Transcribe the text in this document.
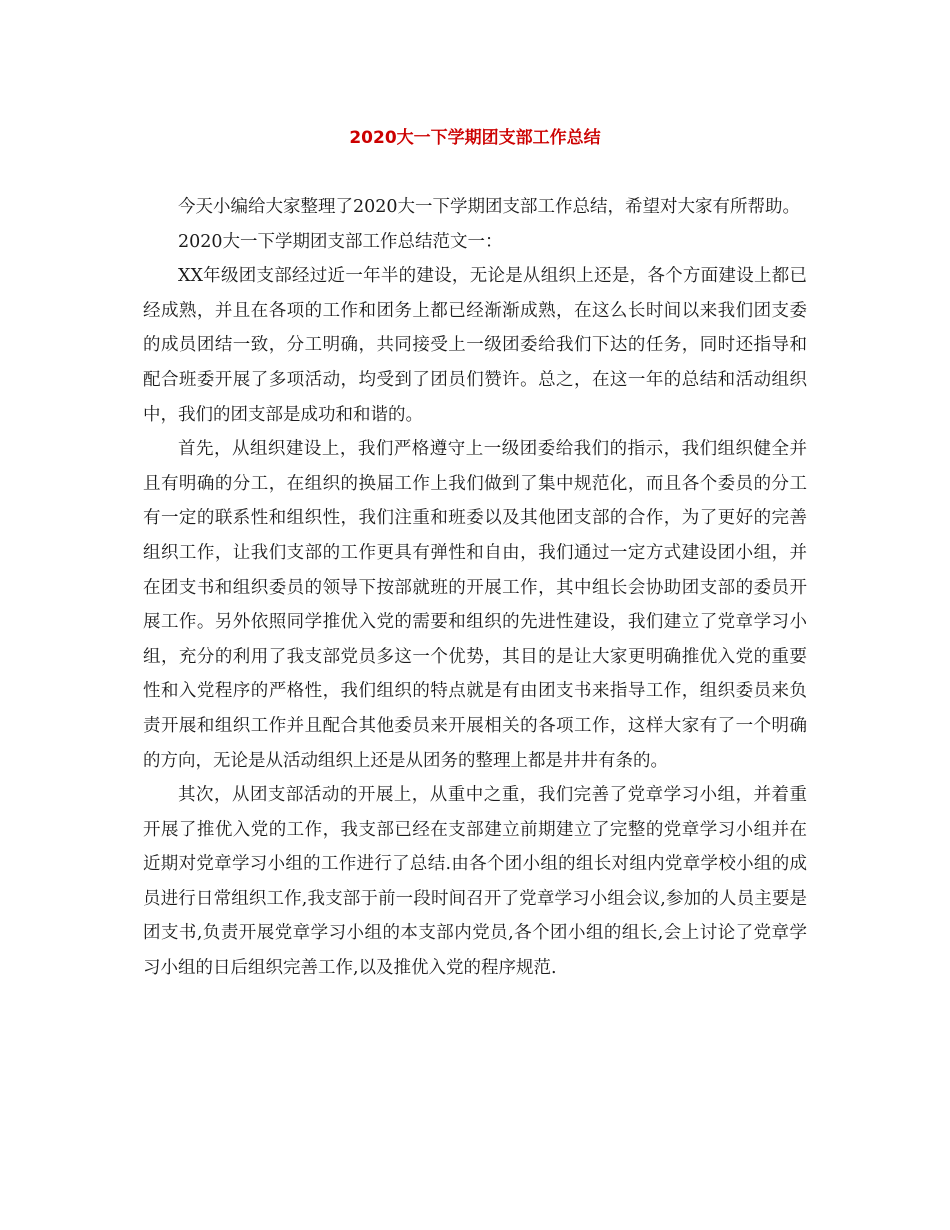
2020大一下学期团支部工作总结

今天小编给大家整理了2020大一下学期团支部工作总结，希望对大家有所帮助。

2020大一下学期团支部工作总结范文一：

XX年级团支部经过近一年半的建设，无论是从组织上还是，各个方面建设上都已经成熟，并且在各项的工作和团务上都已经渐渐成熟，在这么长时间以来我们团支委的成员团结一致，分工明确，共同接受上一级团委给我们下达的任务，同时还指导和配合班委开展了多项活动，均受到了团员们赞许。总之，在这一年的总结和活动组织中，我们的团支部是成功和和谐的。

首先，从组织建设上，我们严格遵守上一级团委给我们的指示，我们组织健全并且有明确的分工，在组织的换届工作上我们做到了集中规范化，而且各个委员的分工有一定的联系性和组织性，我们注重和班委以及其他团支部的合作，为了更好的完善组织工作，让我们支部的工作更具有弹性和自由，我们通过一定方式建设团小组，并在团支书和组织委员的领导下按部就班的开展工作，其中组长会协助团支部的委员开展工作。另外依照同学推优入党的需要和组织的先进性建设，我们建立了党章学习小组，充分的利用了我支部党员多这一个优势，其目的是让大家更明确推优入党的重要性和入党程序的严格性，我们组织的特点就是有由团支书来指导工作，组织委员来负责开展和组织工作并且配合其他委员来开展相关的各项工作，这样大家有了一个明确的方向，无论是从活动组织上还是从团务的整理上都是井井有条的。

其次，从团支部活动的开展上，从重中之重，我们完善了党章学习小组，并着重开展了推优入党的工作，我支部已经在支部建立前期建立了完整的党章学习小组并在近期对党章学习小组的工作进行了总结.由各个团小组的组长对组内党章学校小组的成员进行日常组织工作,我支部于前一段时间召开了党章学习小组会议,参加的人员主要是团支书,负责开展党章学习小组的本支部内党员,各个团小组的组长,会上讨论了党章学习小组的日后组织完善工作,以及推优入党的程序规范.
